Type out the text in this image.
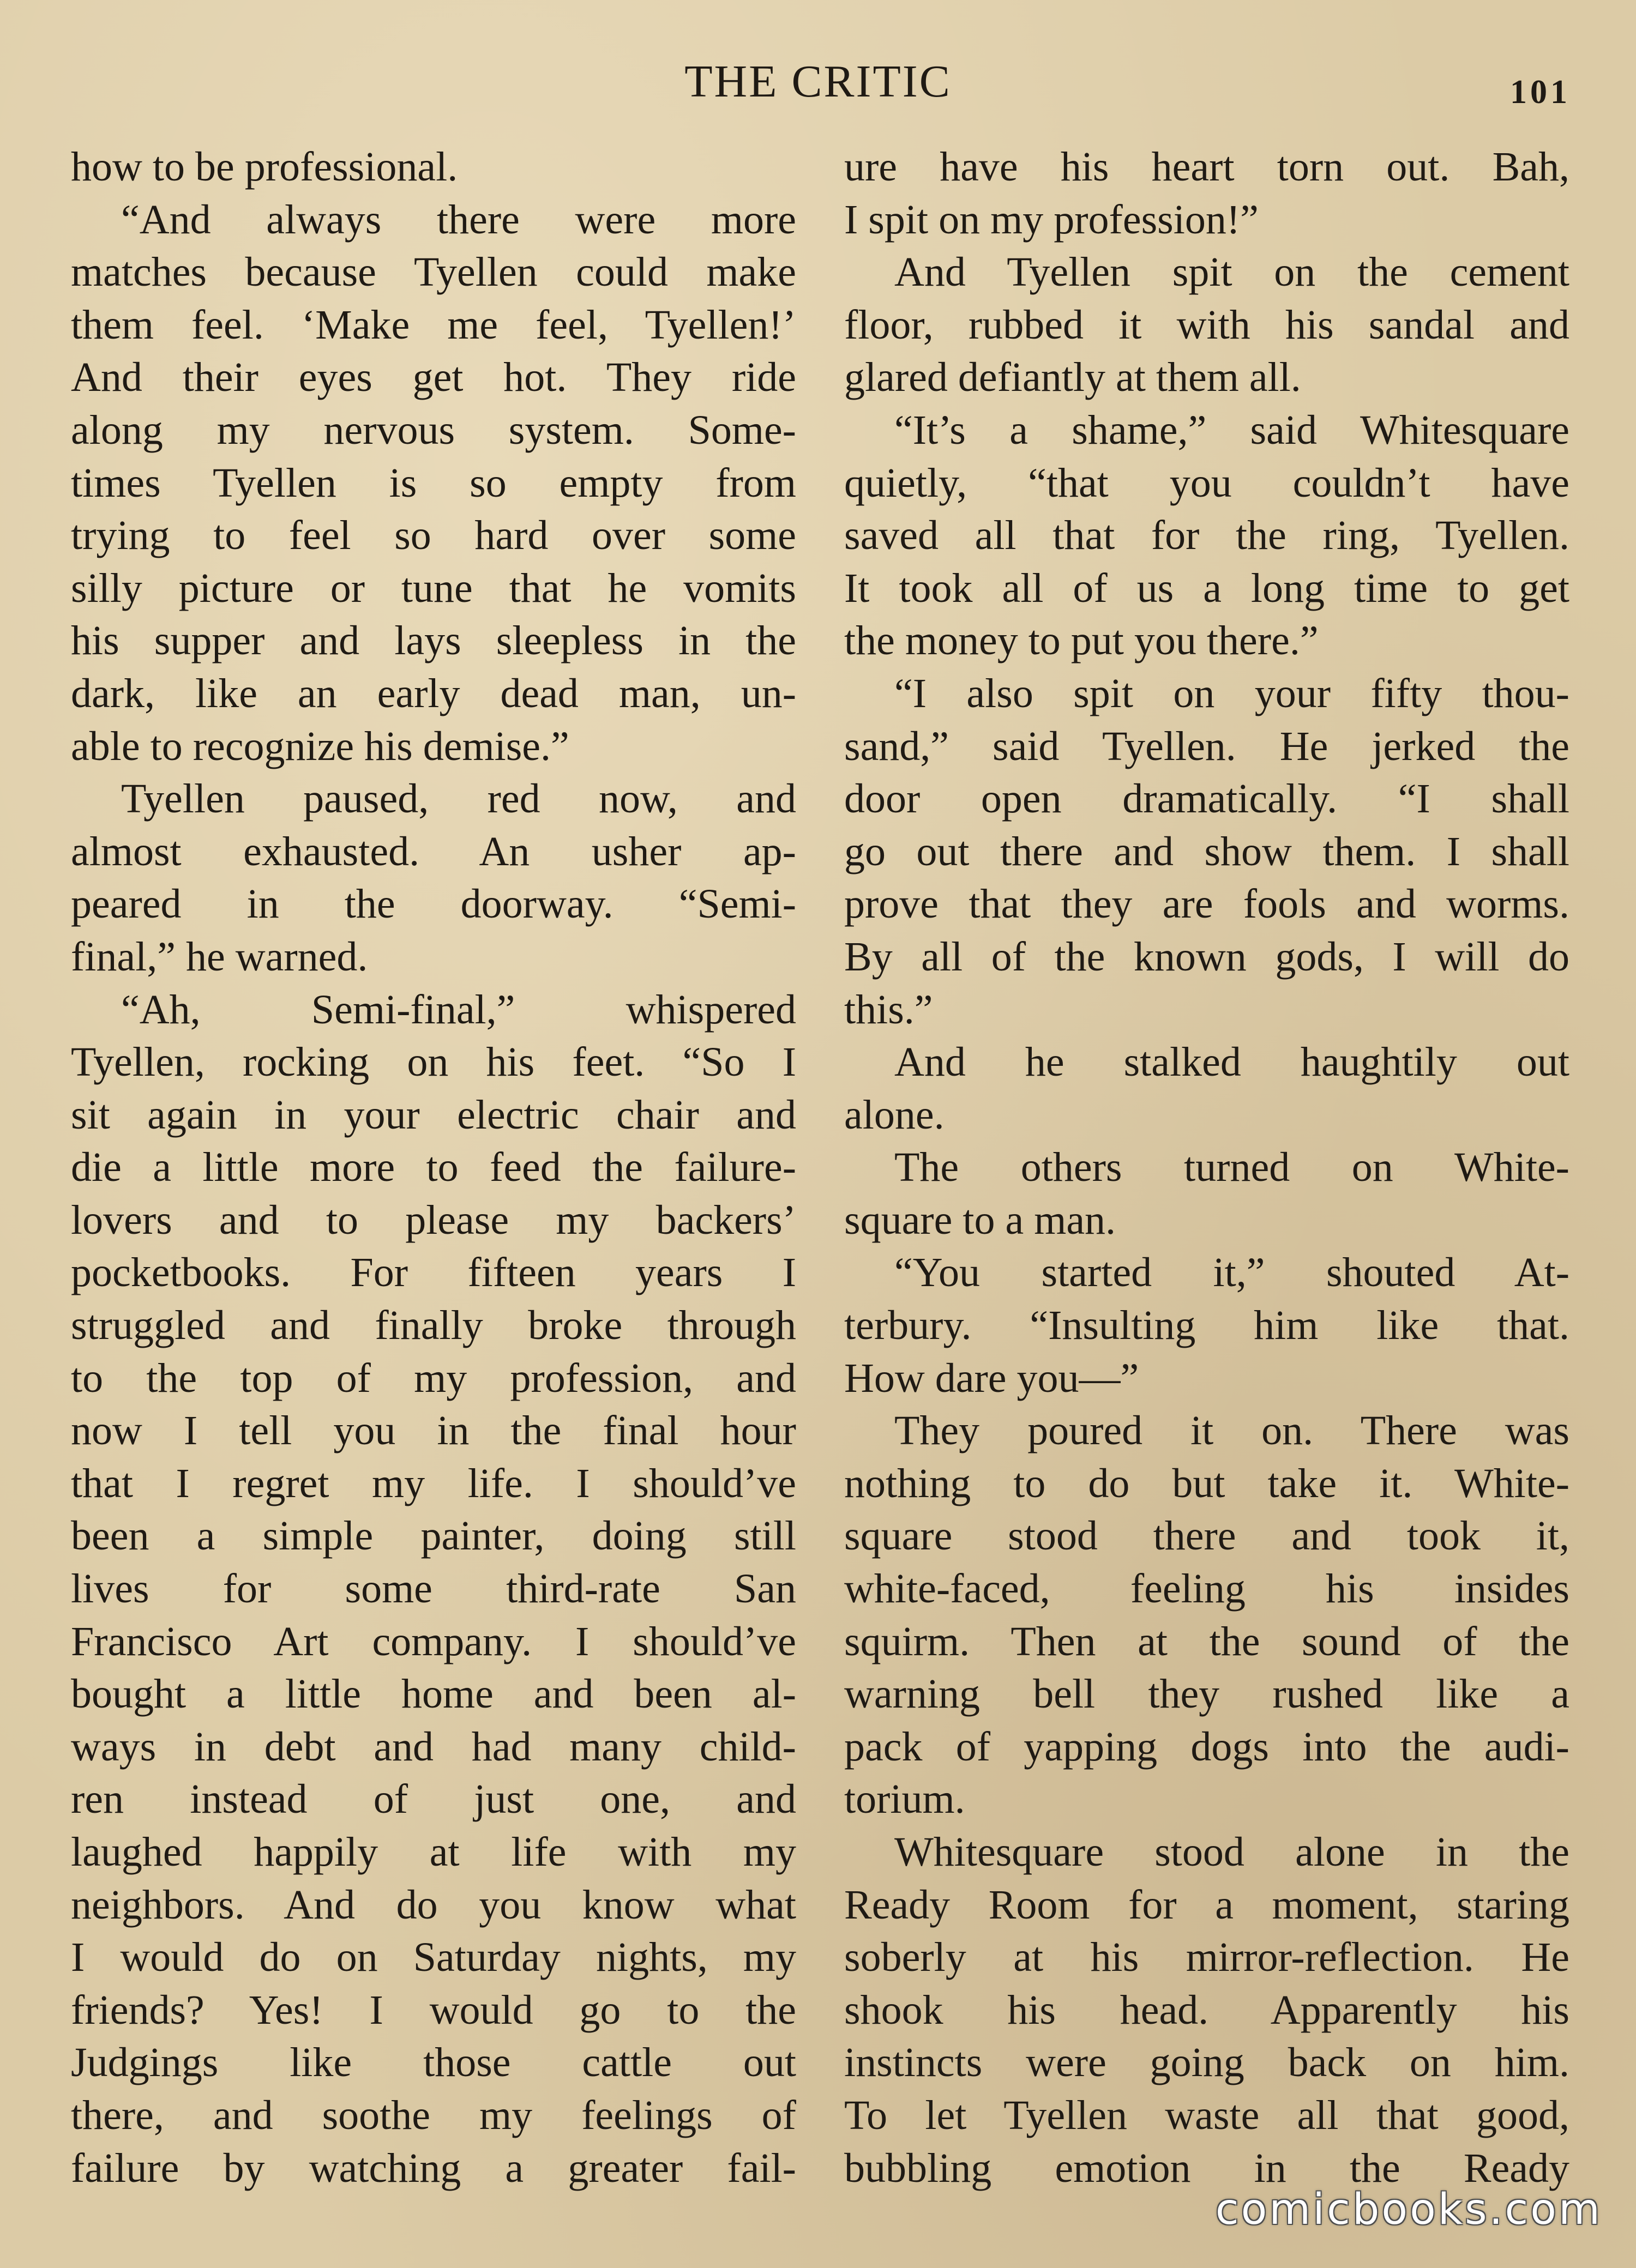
THE CRITIC	101
how to be professional.
“And always there were more
matches because Tyellen could make
them feel. ‘Make me feel, Tyellen!’
And their eyes get hot. They ride
along my nervous system. Some-
times Tyellen is so empty from
trying to feel so hard over some
silly picture or tune that he vomits
his supper and lays sleepless in the
dark, like an early dead man, un-
able to recognize his demise.”
Tyellen paused, red now, and
almost exhausted. An usher ap-
peared in the doorway. “Semi-
final,” he warned.
“Ah, Semi-final,” whispered
Tyellen, rocking on his feet. “So I
sit again in your electric chair and
die a little more to feed the failure-
lovers and to please my backers’
pocketbooks. For fifteen years I
struggled and finally broke through
to the top of my profession, and
now I tell you in the final hour
that I regret my life. I should’ve
been a simple painter, doing still
lives for some third-rate San
Francisco Art company. I should’ve
bought a little home and been al-
ways in debt and had many child-
ren instead of just one, and
laughed happily at life with my
neighbors. And do you know what
I would do on Saturday nights, my
friends? Yes! I would go to the
Judgings like those cattle out
there, and soothe my feelings of
failure by watching a greater fail-
ure have his heart torn out. Bah,
I spit on my profession!”
And Tyellen spit on the cement
floor, rubbed it with his sandal and
glared defiantly at them all.
“It’s a shame,” said Whitesquare
quietly, “that you couldn’t have
saved all that for the ring, Tyellen.
It took all of us a long time to get
the money to put you there.”
“I also spit on your fifty thou-
sand,” said Tyellen. He jerked the
door open dramatically. “I shall
go out there and show them. I shall
prove that they are fools and worms.
By all of the known gods, I will do
this.”
And he stalked haughtily out
alone.
The others turned on White-
square to a man.
“You started it,” shouted At-
terbury. “Insulting him like that.
How dare you—”
They poured it on. There was
nothing to do but take it. White-
square stood there and took it,
white-faced, feeling his insides
squirm. Then at the sound of the
warning bell they rushed like a
pack of yapping dogs into the audi-
torium.
Whitesquare stood alone in the
Ready Room for a moment, staring
soberly at his mirror-reflection. He
shook his head. Apparently his
instincts were going back on him.
To let Tyellen waste all that good,
bubbling emotion in the Ready
comicbooks.com
